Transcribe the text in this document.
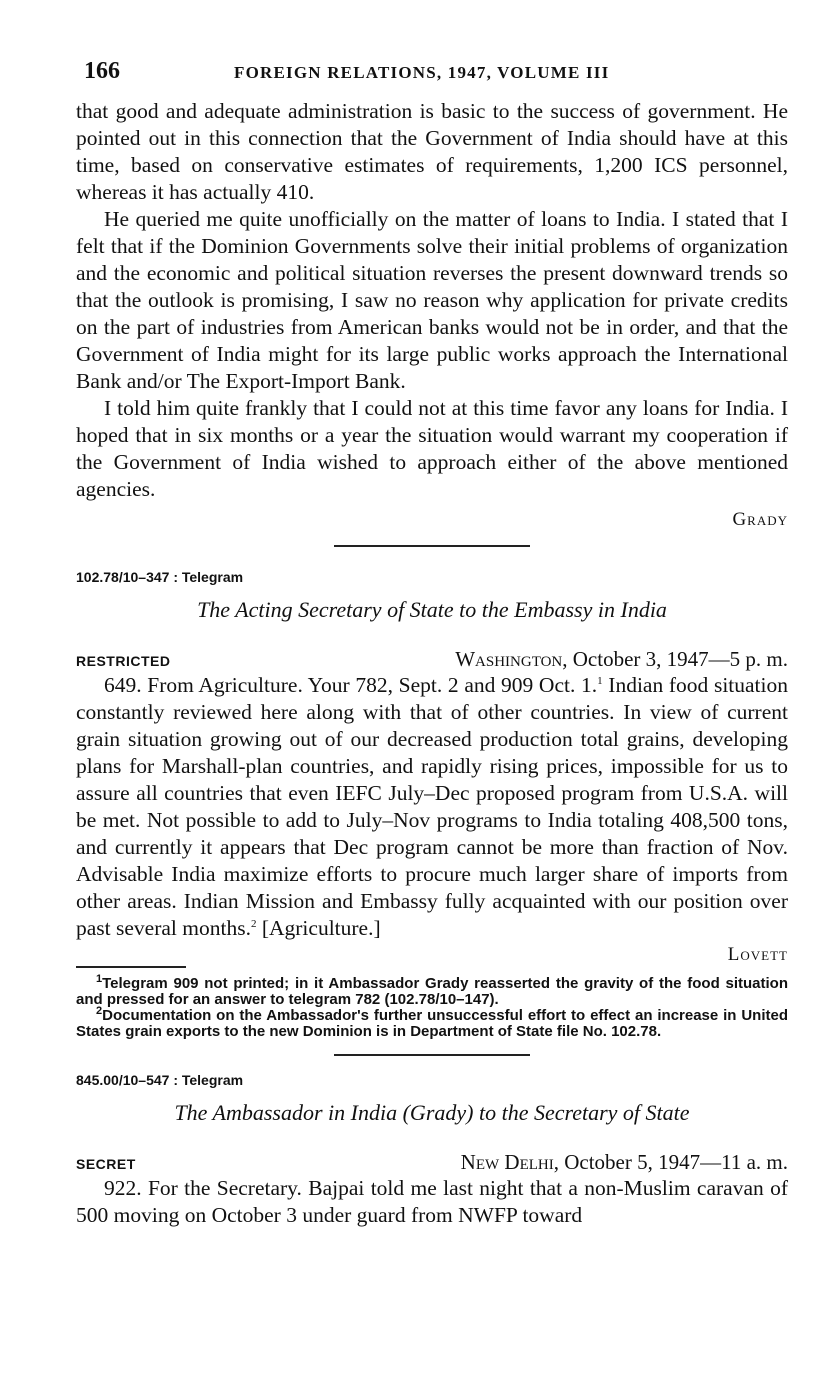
166	FOREIGN RELATIONS, 1947, VOLUME III

that good and adequate administration is basic to the success of government. He pointed out in this connection that the Government of India should have at this time, based on conservative estimates of requirements, 1,200 ICS personnel, whereas it has actually 410.

He queried me quite unofficially on the matter of loans to India. I stated that I felt that if the Dominion Governments solve their initial problems of organization and the economic and political situation reverses the present downward trends so that the outlook is promising, I saw no reason why application for private credits on the part of industries from American banks would not be in order, and that the Government of India might for its large public works approach the International Bank and/or The Export-Import Bank.

I told him quite frankly that I could not at this time favor any loans for India. I hoped that in six months or a year the situation would warrant my cooperation if the Government of India wished to approach either of the above mentioned agencies.

Grady
102.78/10–347 : Telegram
The Acting Secretary of State to the Embassy in India
RESTRICTED	Washington, October 3, 1947—5 p. m.

649. From Agriculture. Your 782, Sept. 2 and 909 Oct. 1.$^1$ Indian food situation constantly reviewed here along with that of other countries. In view of current grain situation growing out of our decreased production total grains, developing plans for Marshall-plan countries, and rapidly rising prices, impossible for us to assure all countries that even IEFC July–Dec proposed program from U.S.A. will be met. Not possible to add to July–Nov programs to India totaling 408,500 tons, and currently it appears that Dec program cannot be more than fraction of Nov. Advisable India maximize efforts to procure much larger share of imports from other areas. Indian Mission and Embassy fully acquainted with our position over past several months.$^2$ [Agriculture.]

Lovett

$^1$Telegram 909 not printed; in it Ambassador Grady reasserted the gravity of the food situation and pressed for an answer to telegram 782 (102.78/10–147).

$^2$Documentation on the Ambassador's further unsuccessful effort to effect an increase in United States grain exports to the new Dominion is in Department of State file No. 102.78.

845.00/10–547 : Telegram
The Ambassador in India (Grady) to the Secretary of State
SECRET	New Delhi, October 5, 1947—11 a. m.

922. For the Secretary. Bajpai told me last night that a non-Muslim caravan of 500 moving on October 3 under guard from NWFP toward
